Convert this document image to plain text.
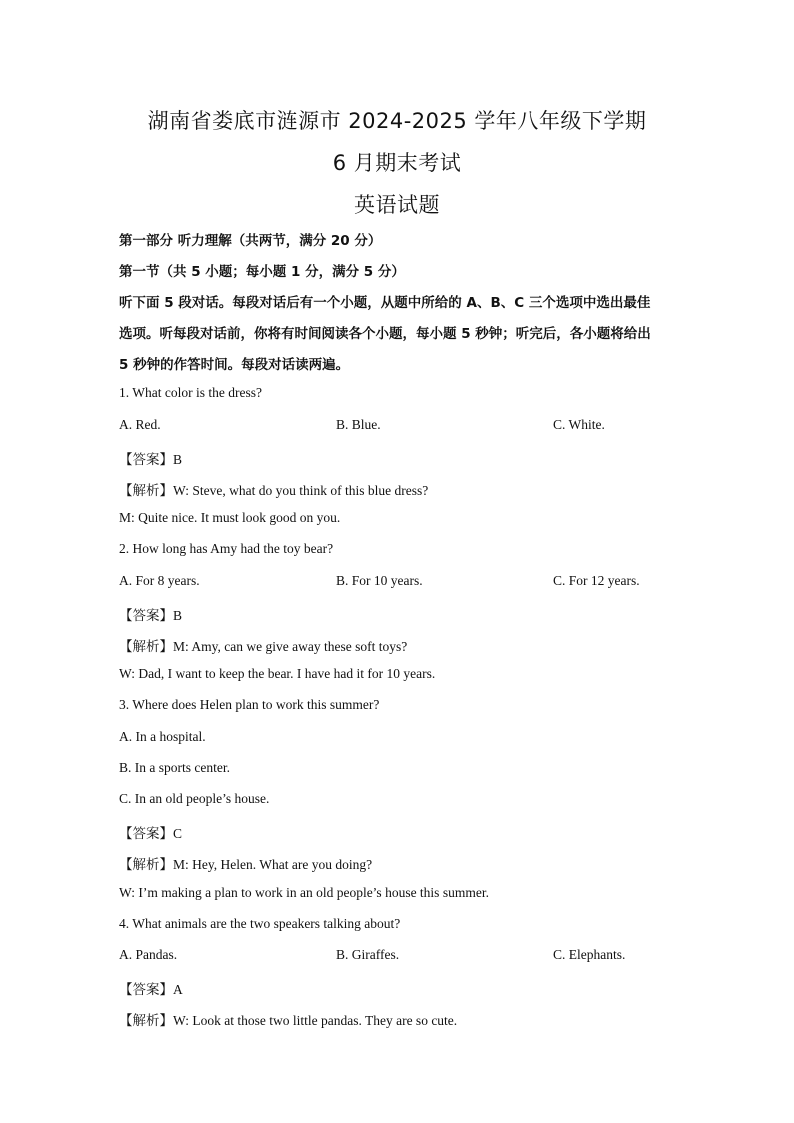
湖南省娄底市涟源市 2024-2025 学年八年级下学期
6 月期末考试
英语试题
第一部分 听力理解（共两节，满分 20 分）
第一节（共 5 小题；每小题 1 分，满分 5 分）
听下面 5 段对话。每段对话后有一个小题，从题中所给的 A、B、C 三个选项中选出最佳
选项。听每段对话前，你将有时间阅读各个小题，每小题 5 秒钟；听完后，各小题将给出
5 秒钟的作答时间。每段对话读两遍。
1. What color is the dress?
A. Red.	B. Blue.	C. White.
【答案】B
【解析】W: Steve, what do you think of this blue dress?
M: Quite nice. It must look good on you.
2. How long has Amy had the toy bear?
A. For 8 years.	B. For 10 years.	C. For 12 years.
【答案】B
【解析】M: Amy, can we give away these soft toys?
W: Dad, I want to keep the bear. I have had it for 10 years.
3. Where does Helen plan to work this summer?
A. In a hospital.
B. In a sports center.
C. In an old people’s house.
【答案】C
【解析】M: Hey, Helen. What are you doing?
W: I’m making a plan to work in an old people’s house this summer.
4. What animals are the two speakers talking about?
A. Pandas.	B. Giraffes.	C. Elephants.
【答案】A
【解析】W: Look at those two little pandas. They are so cute.
